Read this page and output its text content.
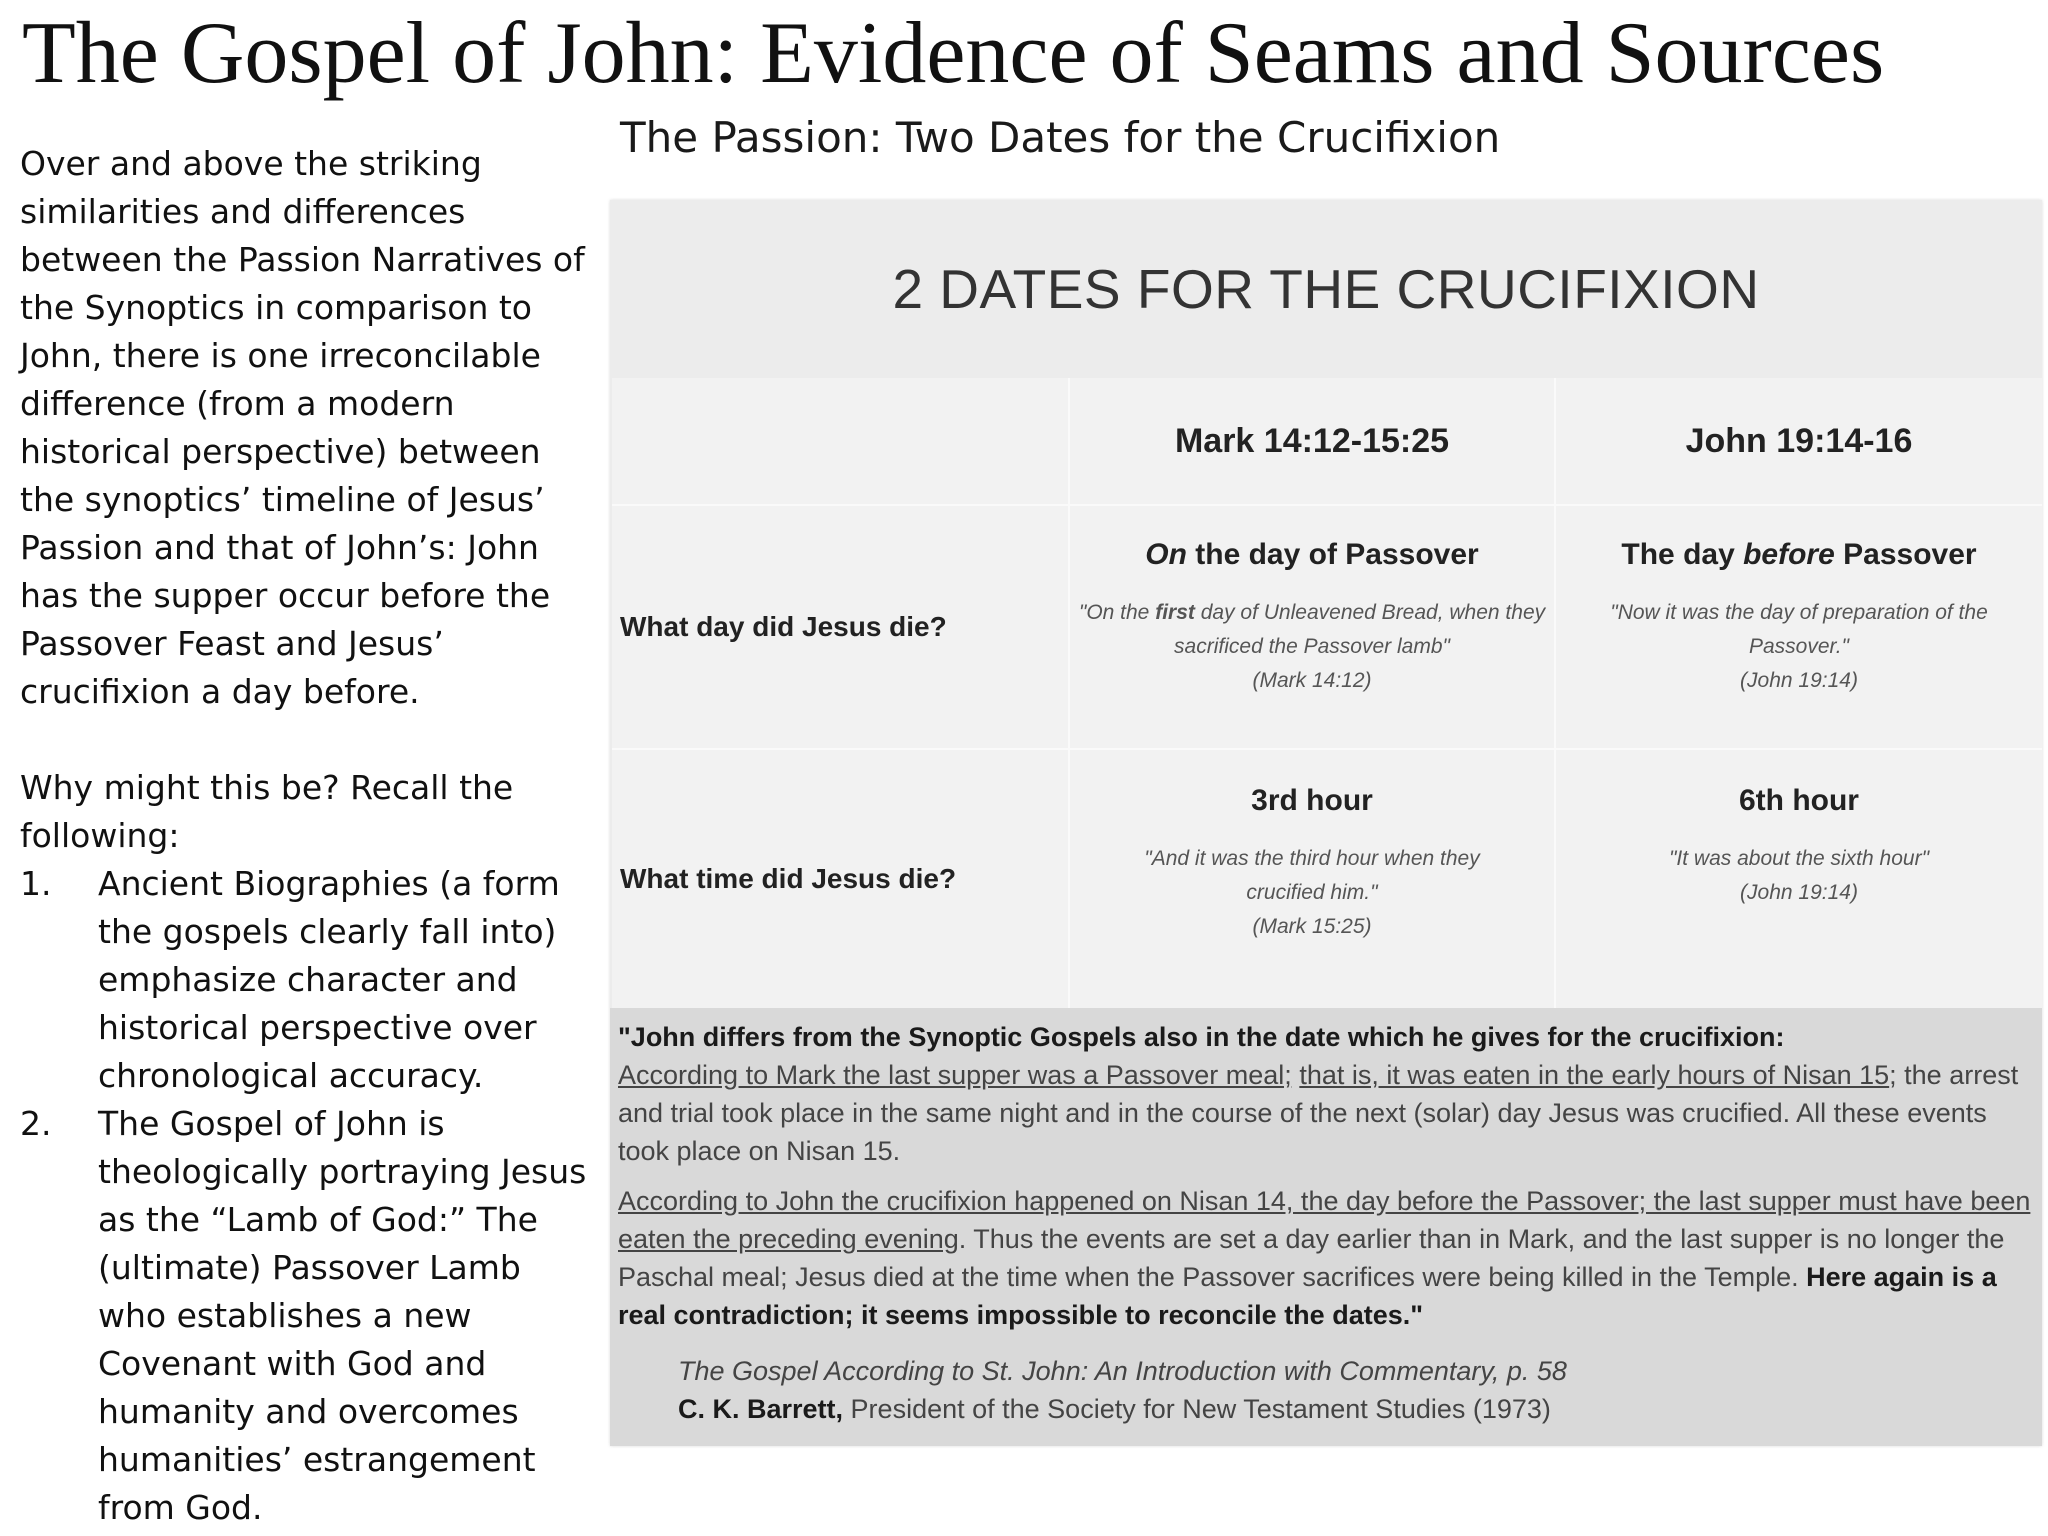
The Gospel of John: Evidence of Seams and Sources
The Passion: Two Dates for the Crucifixion

Over and above the striking similarities and differences between the Passion Narratives of the Synoptics in comparison to John, there is one irreconcilable difference (from a modern historical perspective) between the synoptics’ timeline of Jesus’ Passion and that of John’s: John has the supper occur before the Passover Feast and Jesus’ crucifixion a day before.

Why might this be? Recall the following:

1. Ancient Biographies (a form the gospels clearly fall into) emphasize character and historical perspective over chronological accuracy.
2. The Gospel of John is theologically portraying Jesus as the “Lamb of God:” The (ultimate) Passover Lamb who establishes a new Covenant with God and humanity and overcomes humanities’ estrangement from God.
2 DATES FOR THE CRUCIFIXION
Mark 14:12-15:25	John 19:14-16
What day did Jesus die?
On the day of Passover
"On the first day of Unleavened Bread, when they sacrificed the Passover lamb"
(Mark 14:12)
The day before Passover
"Now it was the day of preparation of the Passover."
(John 19:14)
What time did Jesus die?
3rd hour
"And it was the third hour when they crucified him."
(Mark 15:25)
6th hour
"It was about the sixth hour"
(John 19:14)

"John differs from the Synoptic Gospels also in the date which he gives for the crucifixion:
According to Mark the last supper was a Passover meal; that is, it was eaten in the early hours of Nisan 15; the arrest and trial took place in the same night and in the course of the next (solar) day Jesus was crucified. All these events took place on Nisan 15.

According to John the crucifixion happened on Nisan 14, the day before the Passover; the last supper must have been eaten the preceding evening. Thus the events are set a day earlier than in Mark, and the last supper is no longer the Paschal meal; Jesus died at the time when the Passover sacrifices were being killed in the Temple. Here again is a real contradiction; it seems impossible to reconcile the dates."

The Gospel According to St. John: An Introduction with Commentary, p. 58
C. K. Barrett, President of the Society for New Testament Studies (1973)
